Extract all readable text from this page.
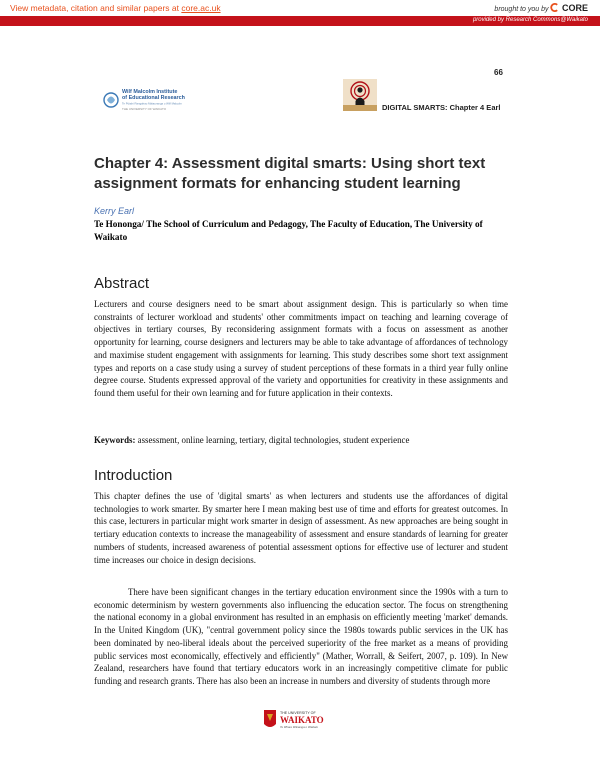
View metadata, citation and similar papers at core.ac.uk	brought to you by CORE
provided by Research Commons@Waikato
66
Wilf Malcolm Institute
of Educational Research
Te Pūtahi Rangahau Mātauranga o Wilf Malcolm
THE UNIVERSITY OF WAIKATO	DIGITAL SMARTS: Chapter 4 Earl
Chapter 4: Assessment digital smarts: Using short text assignment formats for enhancing student learning
Kerry Earl
Te Hononga/ The School of Curriculum and Pedagogy, The Faculty of Education, The University of Waikato
Abstract
Lecturers and course designers need to be smart about assignment design. This is particularly so when time constraints of lecturer workload and students' other commitments impact on teaching and learning coverage of objectives in tertiary courses, By reconsidering assignment formats with a focus on assessment as another opportunity for learning, course designers and lecturers may be able to take advantage of affordances of technology and maximise student engagement with assignments for learning. This study describes some short text assignment types and reports on a case study using a survey of student perceptions of these formats in a third year fully online degree course. Students expressed approval of the variety and opportunities for creativity in these assignments and found them useful for their own learning and for future application in their contexts.
Keywords: assessment, online learning, tertiary, digital technologies, student experience
Introduction
This chapter defines the use of 'digital smarts' as when lecturers and students use the affordances of digital technologies to work smarter. By smarter here I mean making best use of time and efforts for greatest outcomes. In this case, lecturers in particular might work smarter in design of assessment. As new approaches are being sought in tertiary education contexts to increase the manageability of assessment and ensure standards of learning for greater numbers of students, increased awareness of potential assessment options for effective use of lecturer and student time increases our choice in design decisions.
There have been significant changes in the tertiary education environment since the 1990s with a turn to economic determinism by western governments also influencing the education sector. The focus on strengthening the national economy in a global environment has resulted in an emphasis on efficiently meeting 'market' demands. In the United Kingdom (UK), "central government policy since the 1980s towards public services in the UK has been dominated by neo-liberal ideals about the perceived superiority of the free market as a means of providing public services most economically, effectively and efficiently" (Mather, Worrall, & Seifert, 2007, p. 109). In New Zealand, researchers have found that tertiary educators work in an increasingly competitive climate for public funding and research grants. There has also been an increase in numbers and diversity of students through more
THE UNIVERSITY OF
WAIKATO
Te Whare Wānanga o Waikato
